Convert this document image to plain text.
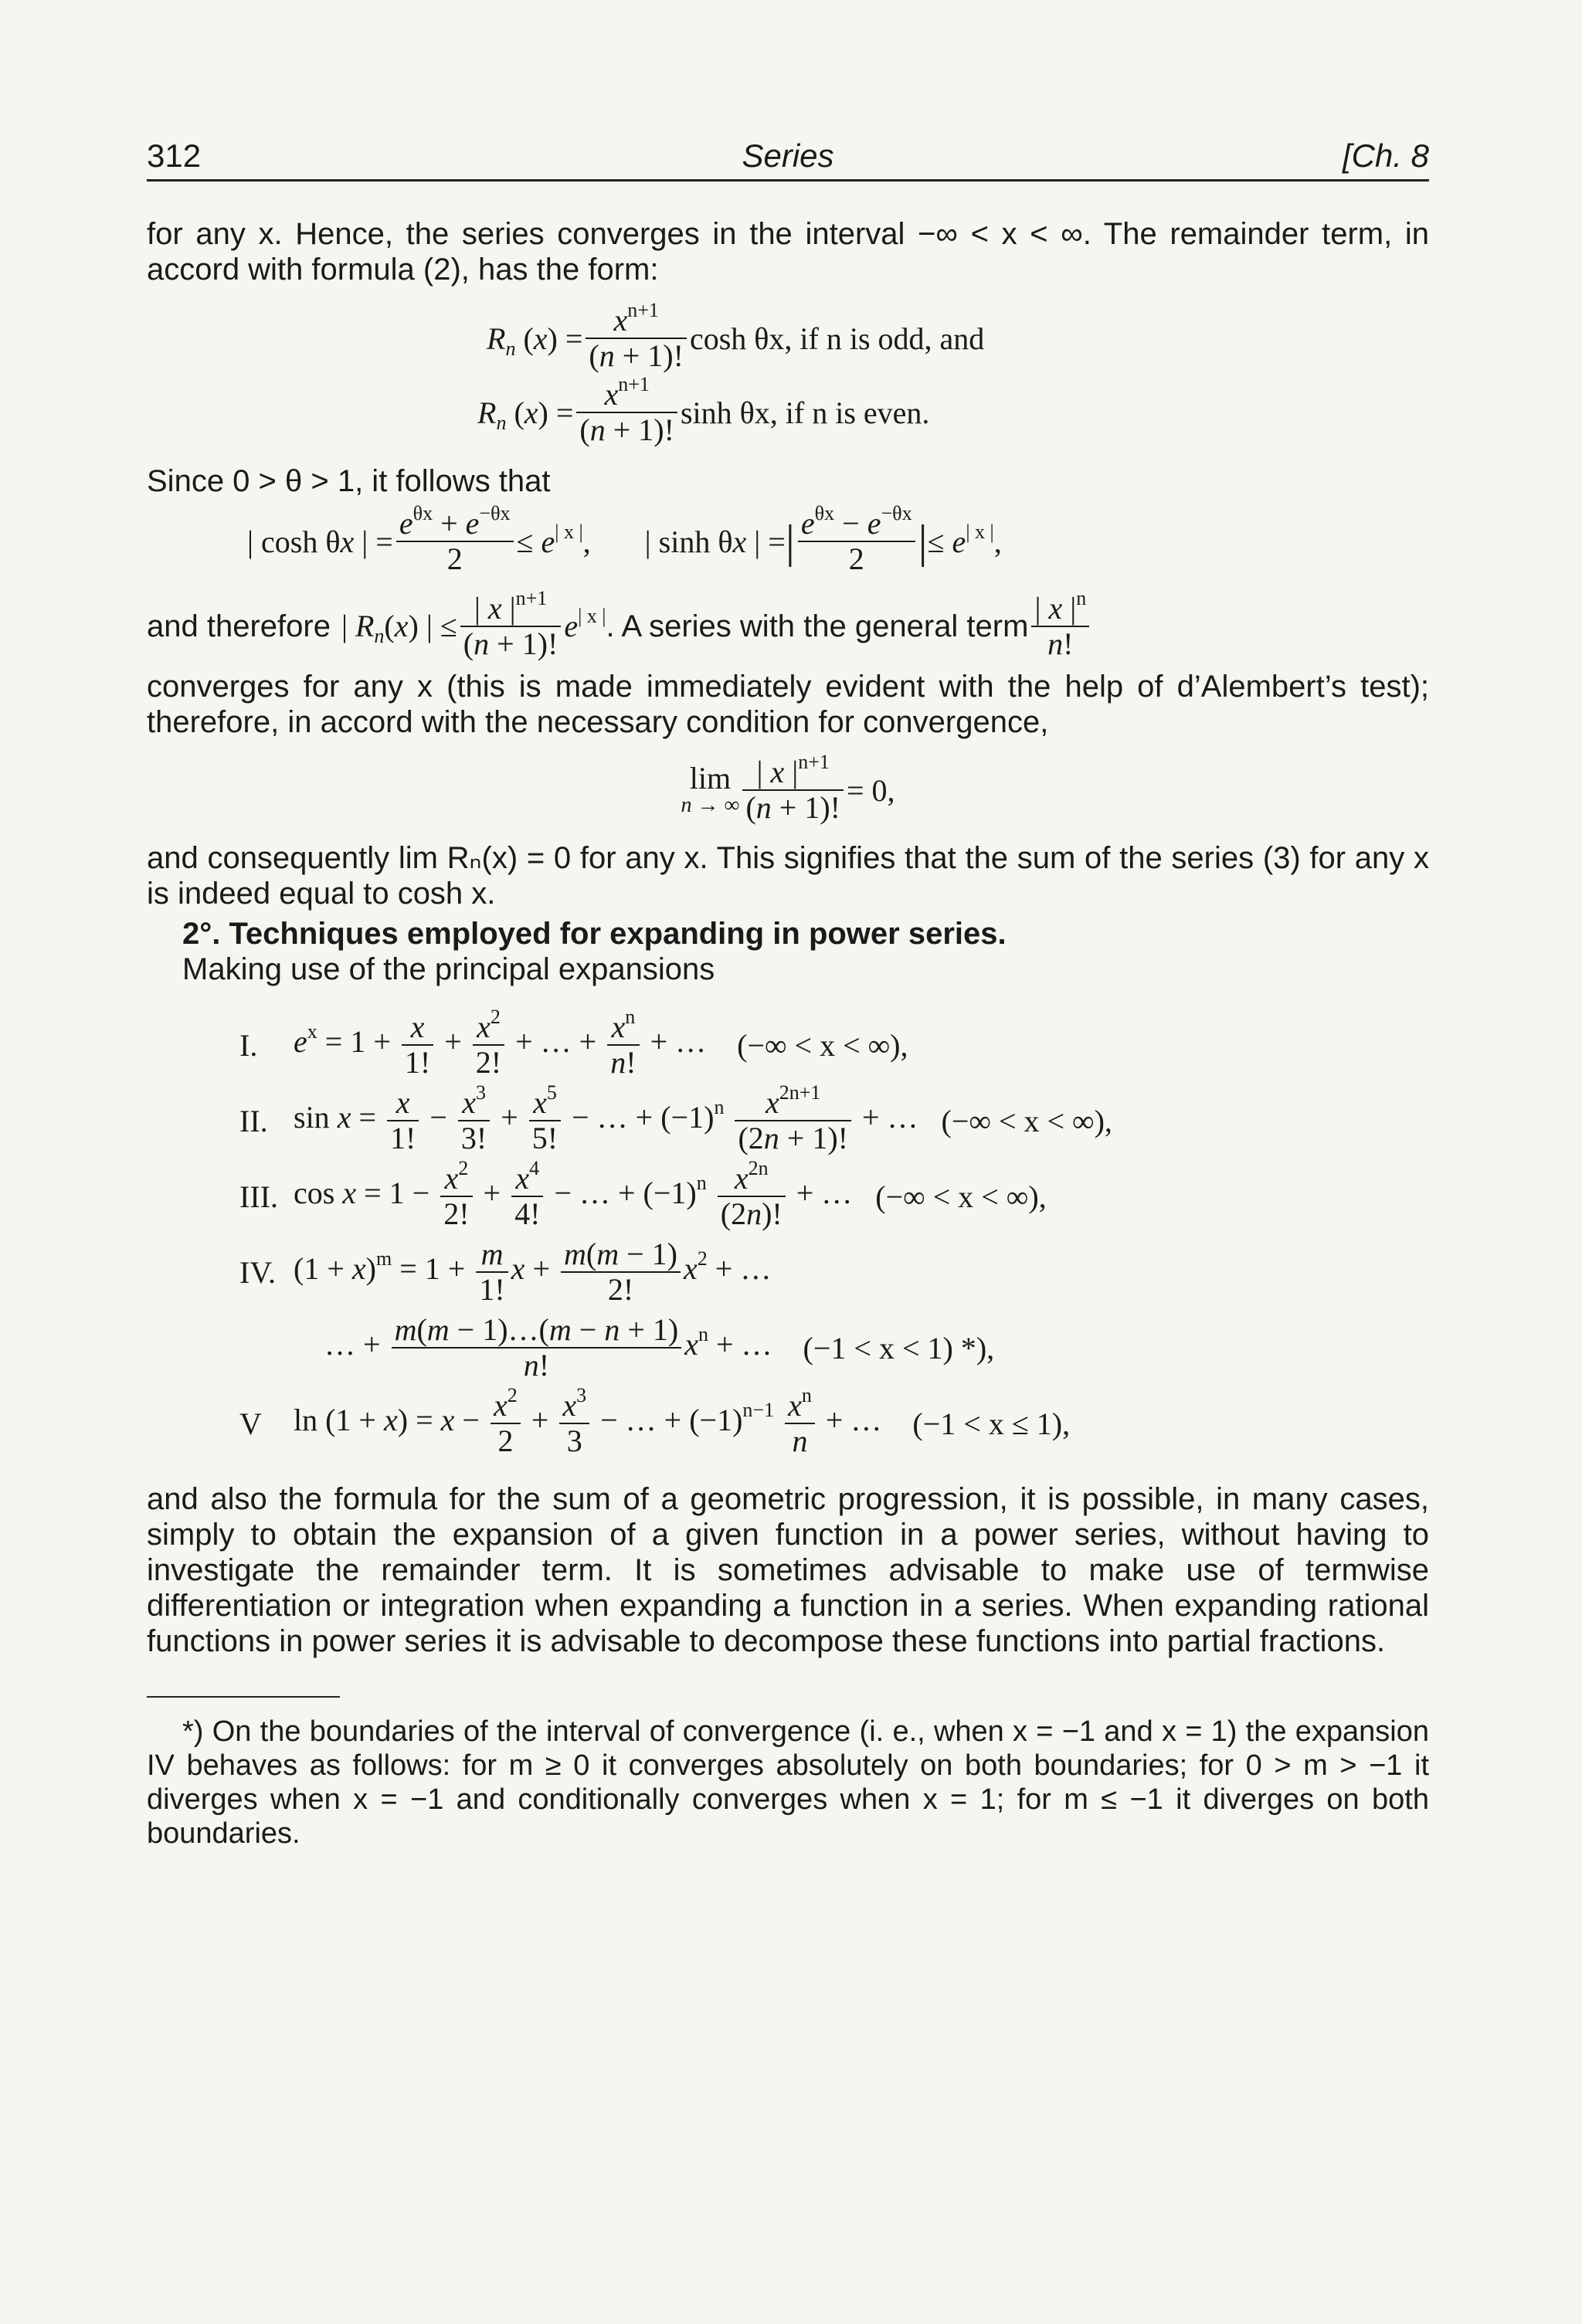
312	Series	[Ch. 8

for any x. Hence, the series converges in the interval −∞ < x < ∞. The remainder term, in accord with formula (2), has the form:

$R_n$ ( x ) = $\frac{x^{n+1}}{(n + 1)!}$ cosh θx, if n is odd, and
$R_n$ ( x ) = $\frac{x^{n+1}}{(n + 1)!}$ sinh θx, if n is even.

Since 0 > θ > 1, it follows that

| cosh θx | = $\frac{e^{\theta x} + e^{-\theta x}}{2} \le e^{| x |}$, | sinh θx | = | $\frac{e^{\theta x} - e^{-\theta x}}{2}$ | ≤ $e^{| x |}$,
and therefore | $R_n(x)$ | ≤ $\frac{| x |^{n+1}}{(n + 1)!} e^{| x |}$ . A series with the general term $\frac{| x |^n}{n!}$

converges for any x (this is made immediately evident with the help of d’Alembert’s test); therefore, in accord with the necessary condition for convergence,

lim
n → ∞ $\frac{| x |^{n+1}}{(n + 1)!} = 0$,

and consequently lim Rₙ(x) = 0 for any x. This signifies that the sum of the series (3) for any x is indeed equal to cosh x.

2°. Techniques employed for expanding in power series.

Making use of the principal expansions

I.	$e^x = 1 + \frac{x}{1!} + \frac{x^2}{2!}$ + … + $\frac{x^n}{n!}$ + … (−∞ < x < ∞),
II. $\sin x = \frac{x}{1!} - \frac{x^3}{3!} + \frac{x^5}{5!}$ − … + $(-1)^n \frac{x^{2n+1}}{(2n + 1)!}$ + … (−∞ < x < ∞),
III. $\cos x = 1 - \frac{x^2}{2!} + \frac{x^4}{4!}$ − … + $(-1)^n \frac{x^{2n}}{(2n)!}$ + … (−∞ < x < ∞),
IV. $(1 + x)^m = 1 + \frac{m}{1!}$ $x + \frac{m(m - 1)}{2!} x^2$ + …
… + $\frac{m(m - 1)\dots(m - n + 1)}{n!} x^n$ + … (−1 < x < 1) *),
V	$\ln (1 + x) = x - \frac{x^2}{2} + \frac{x^3}{3}$ − … + $(-1)^{n-1} \frac{x^n}{n}$ + … (−1 < x ≤ 1),

and also the formula for the sum of a geometric progression, it is possible, in many cases, simply to obtain the expansion of a given function in a power series, without having to investigate the remainder term. It is sometimes advisable to make use of termwise differentiation or integration when expanding a function in a series. When expanding rational functions in power series it is advisable to decompose these functions into partial fractions.

*) On the boundaries of the interval of convergence (i. e., when x = −1 and x = 1) the expansion IV behaves as follows: for m ≥ 0 it converges absolutely on both boundaries; for 0 > m > −1 it diverges when x = −1 and conditionally converges when x = 1; for m ≤ −1 it diverges on both boundaries.
